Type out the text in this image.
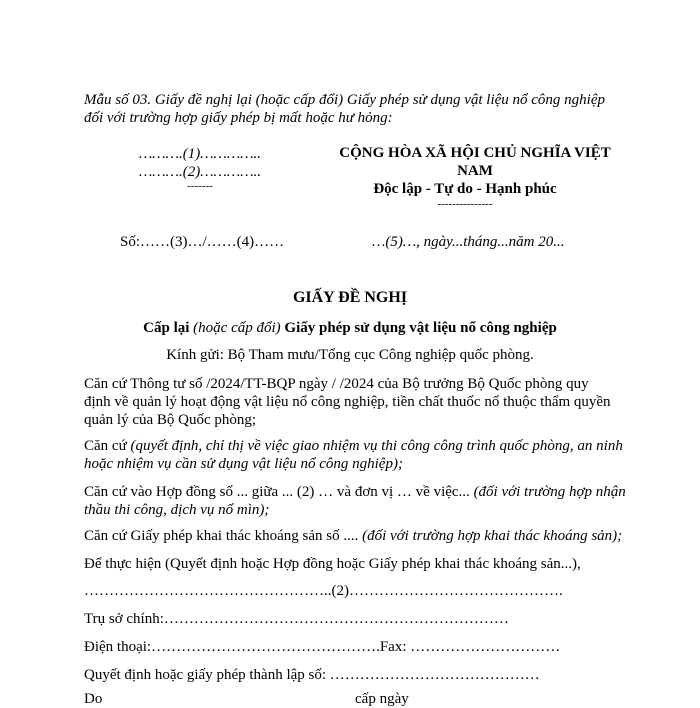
Mẫu số 03. Giấy đề nghị lại (hoặc cấp đổi) Giấy phép sử dụng vật liệu nổ công nghiệp
đối với trường hợp giấy phép bị mất hoặc hư hỏng:
……….(1)…………..
……….(2)…………..
-------
CỘNG HÒA XÃ HỘI CHỦ NGHĨA VIỆT
NAM
Độc lập - Tự do - Hạnh phúc
---------------
Số:……(3)…/……(4)……	…(5)…, ngày...tháng...năm 20...
GIẤY ĐỀ NGHỊ
Cấp lại (hoặc cấp đổi) Giấy phép sử dụng vật liệu nổ công nghiệp
Kính gửi: Bộ Tham mưu/Tổng cục Công nghiệp quốc phòng.
Căn cứ Thông tư số /2024/TT-BQP ngày / /2024 của Bộ trưởng Bộ Quốc phòng quy
định về quản lý hoạt động vật liệu nổ công nghiệp, tiền chất thuốc nổ thuộc thẩm quyền
quản lý của Bộ Quốc phòng;
Căn cứ (quyết định, chỉ thị về việc giao nhiệm vụ thi công công trình quốc phòng, an ninh
hoặc nhiệm vụ cần sử dụng vật liệu nổ công nghiệp);
Căn cứ vào Hợp đồng số ... giữa ... (2) … và đơn vị … về việc... (đối với trường hợp nhận
thầu thi công, dịch vụ nổ mìn);
Căn cứ Giấy phép khai thác khoáng sản số .... (đối với trường hợp khai thác khoáng sản);
Để thực hiện (Quyết định hoặc Hợp đồng hoặc Giấy phép khai thác khoáng sản...),
…………………………………………..(2)…………………………………….
Trụ sở chính:……………………………………………………………
Điện thoại:……………………………………….Fax: …………………………
Quyết định hoặc giấy phép thành lập số: ……………………………………
Do	cấp ngày
